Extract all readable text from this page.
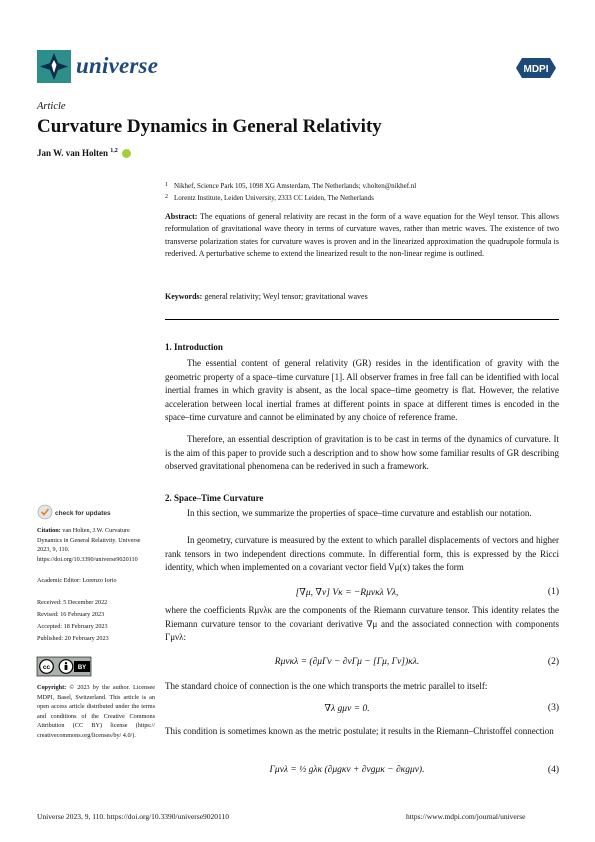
universe	MDPI
Article
Curvature Dynamics in General Relativity
Jan W. van Holten $^{1,2}$
1 Nikhef, Science Park 105, 1098 XG Amsterdam, The Netherlands; v.holten@nikhef.nl
2 Lorentz Institute, Leiden University, 2333 CC Leiden, The Netherlands
Abstract: The equations of general relativity are recast in the form of a wave equation for the Weyl tensor. This allows reformulation of gravitational wave theory in terms of curvature waves, rather than metric waves. The existence of two transverse polarization states for curvature waves is proven and in the linearized approximation the quadrupole formula is rederived. A perturbative scheme to extend the linearized result to the non-linear regime is outlined.
Keywords: general relativity; Weyl tensor; gravitational waves
1. Introduction
The essential content of general relativity (GR) resides in the identification of gravity with the geometric property of a space–time curvature [1]. All observer frames in free fall can be identified with local inertial frames in which gravity is absent, as the local space–time geometry is flat. However, the relative acceleration between local inertial frames at different points in space at different times is encoded in the space–time curvature and cannot be eliminated by any choice of reference frame.
Therefore, an essential description of gravitation is to be cast in terms of the dynamics of curvature. It is the aim of this paper to provide such a description and to show how some familiar results of GR describing observed gravitational phenomena can be rederived in such a framework.
2. Space–Time Curvature
In this section, we summarize the properties of space–time curvature and establish our notation.
In geometry, curvature is measured by the extent to which parallel displacements of vectors and higher rank tensors in two independent directions commute. In differential form, this is expressed by the Ricci identity, which when implemented on a covariant vector field Vμ(x) takes the form
[∇μ, ∇ν] Vκ = −Rμνκλ Vλ,	(1)
where the coefficients Rμνλκ are the components of the Riemann curvature tensor. This identity relates the Riemann curvature tensor to the covariant derivative ∇μ and the associated connection with components Γμνλ:
Rμνκλ = (∂μΓν − ∂νΓμ − [Γμ, Γν])κλ.	(2)
The standard choice of connection is the one which transports the metric parallel to itself:
∇λ gμν = 0.	(3)
This condition is sometimes known as the metric postulate; it results in the Riemann–Christoffel connection
Γμνλ = ½ gλκ (∂μgκν + ∂νgμκ − ∂κgμν).	(4)
check for updates
Citation: van Holten, J.W. Curvature Dynamics in General Relativity. Universe 2023, 9, 110. https://doi.org/10.3390/universe9020110
Academic Editor: Lorenzo Iorio
Received: 5 December 2022
Revised: 16 February 2023
Accepted: 18 February 2023
Published: 20 February 2023
cc	BY
Copyright: © 2023 by the author. Licensee MDPI, Basel, Switzerland. This article is an open access article distributed under the terms and conditions of the Creative Commons Attribution (CC BY) license (https:// creativecommons.org/licenses/by/ 4.0/).
Universe 2023, 9, 110. https://doi.org/10.3390/universe9020110	https://www.mdpi.com/journal/universe
